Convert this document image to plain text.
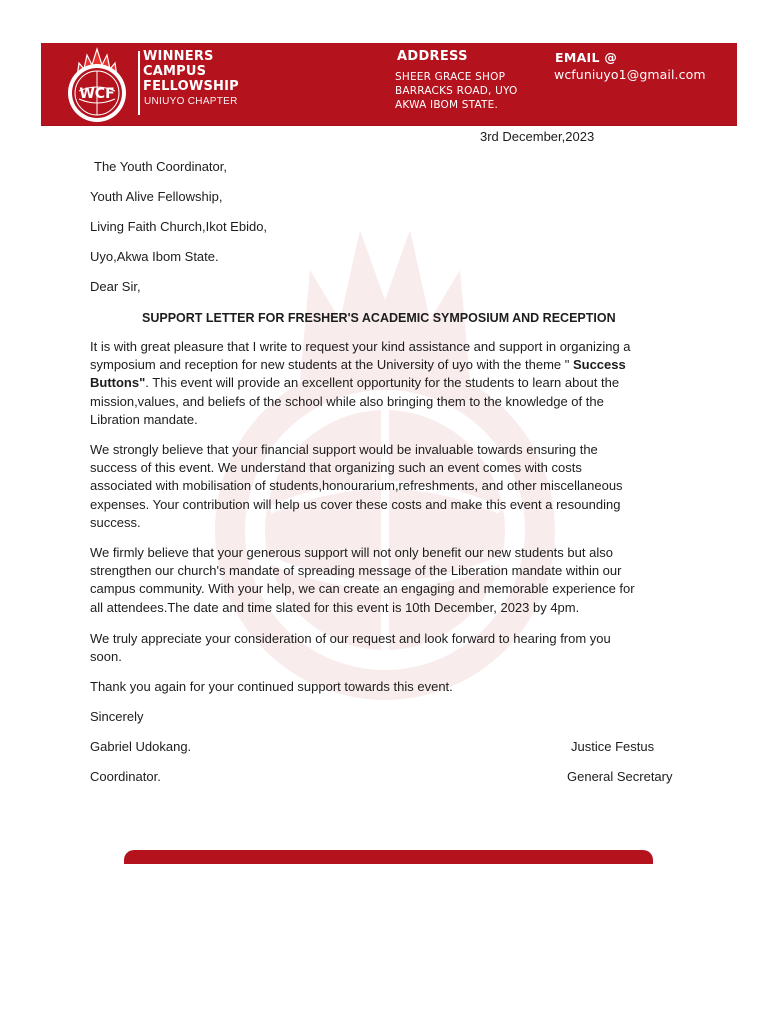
WCF
WINNERS
CAMPUS
FELLOWSHIP
UNIUYO CHAPTER
ADDRESS
SHEER GRACE SHOP
BARRACKS ROAD, UYO
AKWA IBOM STATE.
EMAIL @
wcfuniuyo1@gmail.com
3rd December,2023
The Youth Coordinator,
Youth Alive Fellowship,
Living Faith Church,Ikot Ebido,
Uyo,Akwa Ibom State.
Dear Sir,
SUPPORT LETTER FOR FRESHER'S ACADEMIC SYMPOSIUM AND RECEPTION
It is with great pleasure that I write to request your kind assistance and support in organizing a
symposium and reception for new students at the University of uyo with the theme " Success
Buttons". This event will provide an excellent opportunity for the students to learn about the
mission,values, and beliefs of the school while also bringing them to the knowledge of the
Libration mandate.
We strongly believe that your financial support would be invaluable towards ensuring the
success of this event. We understand that organizing such an event comes with costs
associated with mobilisation of students,honourarium,refreshments, and other miscellaneous
expenses. Your contribution will help us cover these costs and make this event a resounding
success.
We firmly believe that your generous support will not only benefit our new students but also
strengthen our church's mandate of spreading message of the Liberation mandate within our
campus community. With your help, we can create an engaging and memorable experience for
all attendees.The date and time slated for this event is 10th December, 2023 by 4pm.
We truly appreciate your consideration of our request and look forward to hearing from you
soon.
Thank you again for your continued support towards this event.
Sincerely
Gabriel Udokang.
Coordinator.
Justice Festus
General Secretary
